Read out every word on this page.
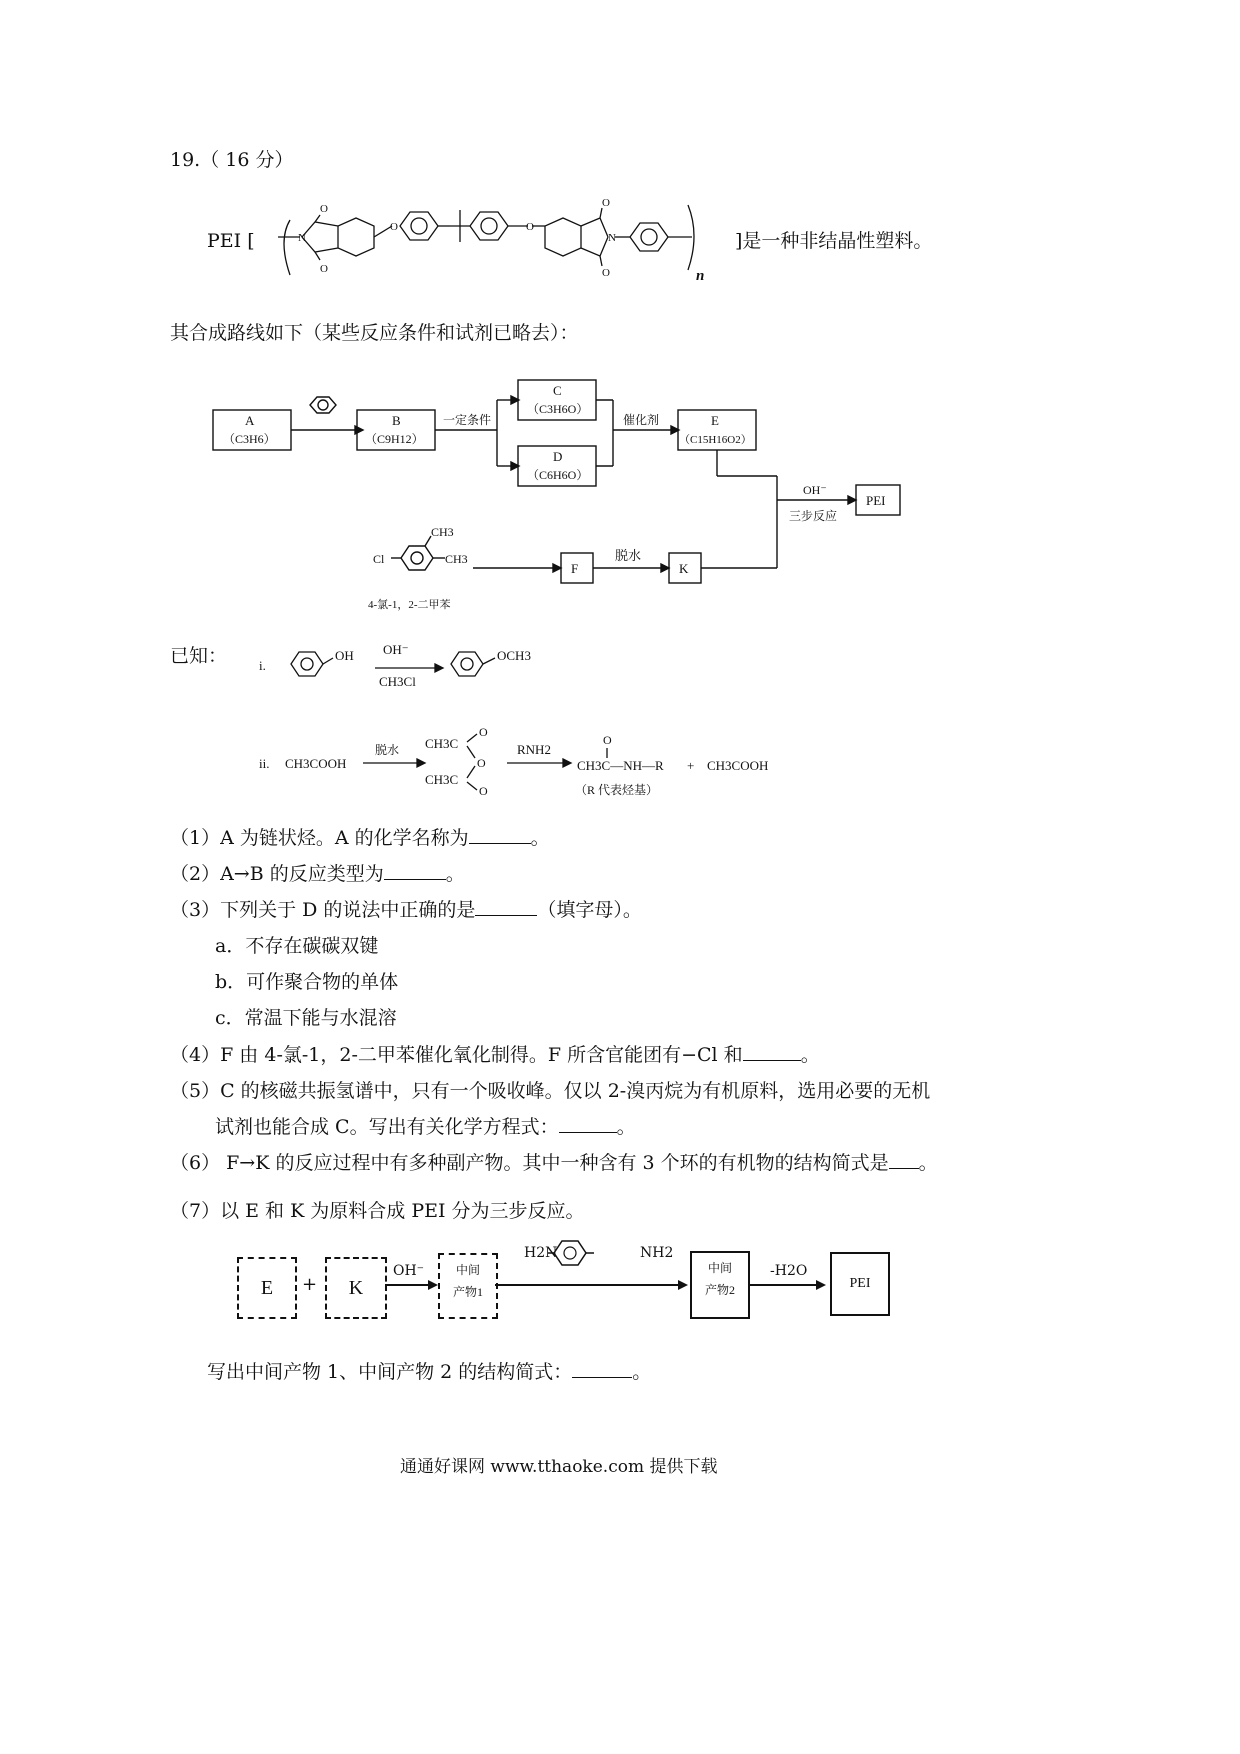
19.（ 16 分）
PEI [
O
O
N
O	O
O
O
N
n
]是一种非结晶性塑料。
其合成路线如下（某些反应条件和试剂已略去）：
A
（C3H6）
B
（C9H12）
一定条件
C
（C3H6O）
D
（C6H6O）
催化剂	E
（C15H16O2）
OH⁻
三步反应
PEI
Cl
CH3
CH3
4-氯-1，2-二甲苯
F
脱水
K
已知： i.
OH OH⁻
CH3Cl
OCH3
ii. CH3COOH
脱水 CH3C
CH3C
O
O
O
RNH2
O
CH3C—NH—R + CH3COOH
（R 代表烃基）
（1）A 为链状烃。A 的化学名称为	。
（2）A→B 的反应类型为	。
（3）下列关于 D 的说法中正确的是	（填字母）。
a．不存在碳碳双键
b．可作聚合物的单体
c．常温下能与水混溶
（4）F 由 4-氯-1，2-二甲苯催化氧化制得。F 所含官能团有−Cl 和	。
（5）C 的核磁共振氢谱中，只有一个吸收峰。仅以 2-溴丙烷为有机原料，选用必要的无机
试剂也能合成 C。写出有关化学方程式：	。
（6） F→K 的反应过程中有多种副产物。其中一种含有 3 个环的有机物的结构简式是 。
（7）以 E 和 K 为原料合成 PEI 分为三步反应。
E	+	K
OH⁻	中间
产物1
H2N	NH2
中间
产物2
-H2O
PEI
写出中间产物 1、中间产物 2 的结构简式：	。
通通好课网 www.tthaoke.com 提供下载
